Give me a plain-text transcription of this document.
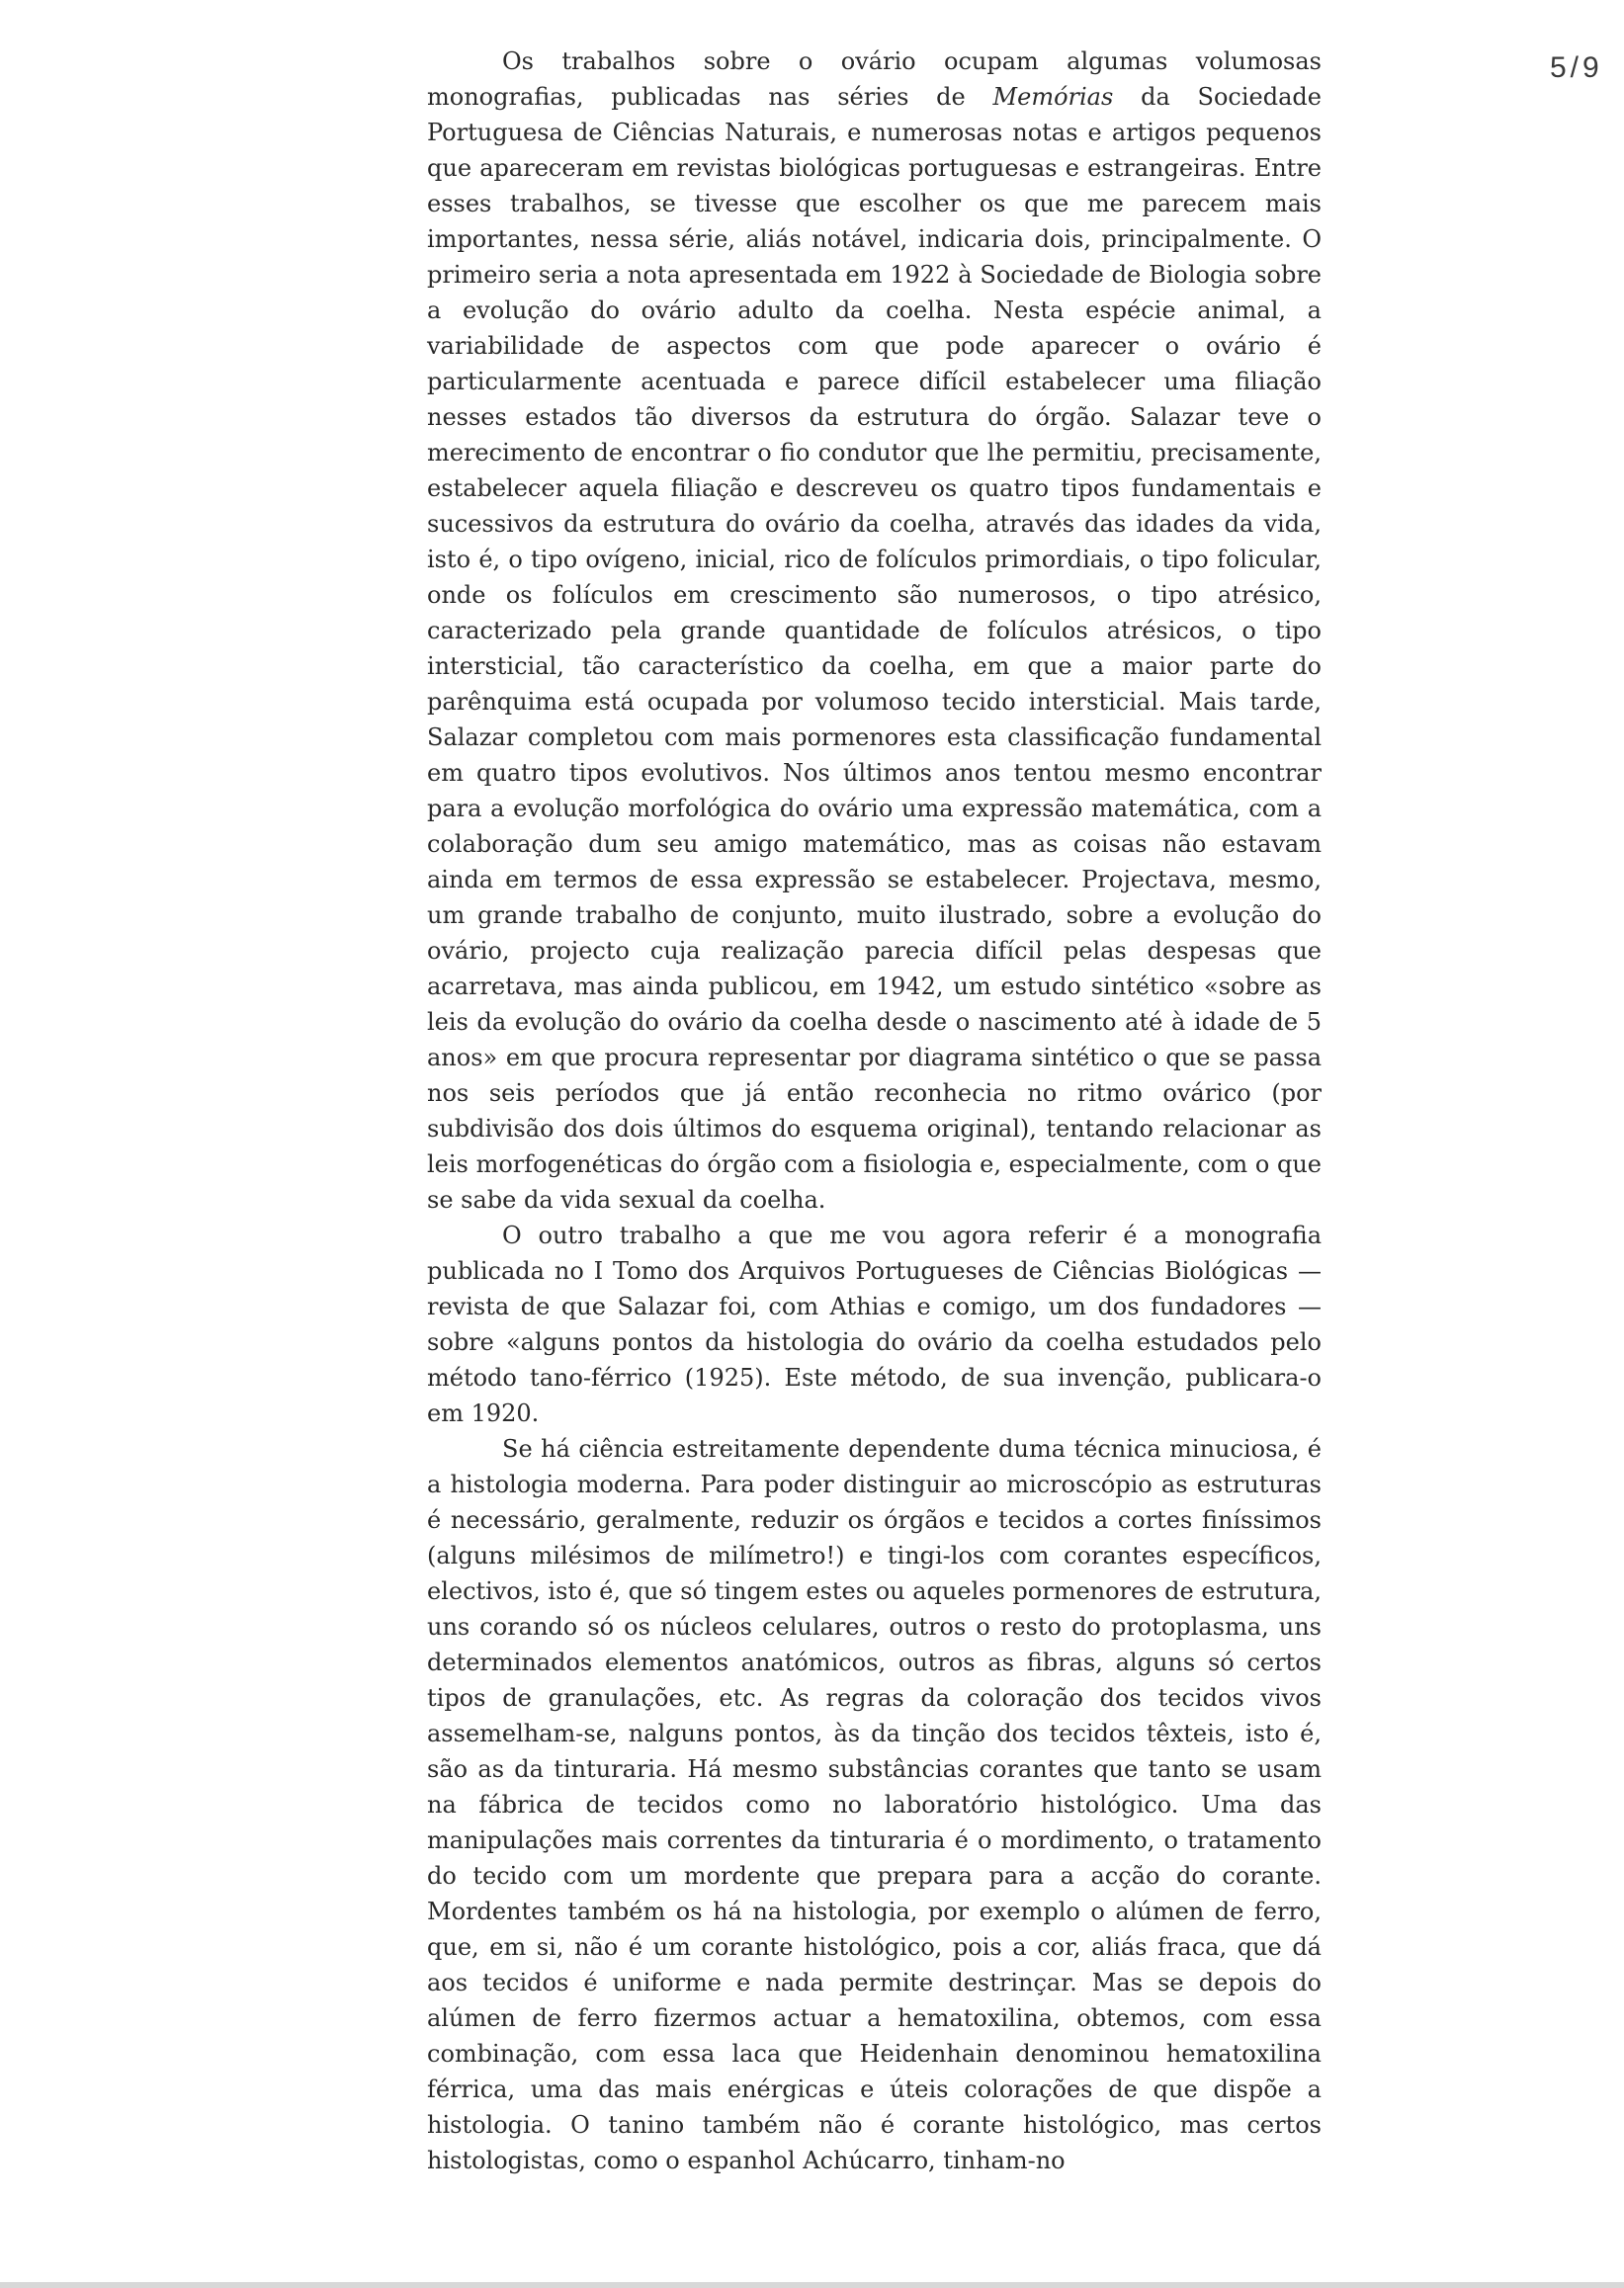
5/9

Os trabalhos sobre o ovário ocupam algumas volumosas monografias, publicadas nas séries de Memórias da Sociedade Portuguesa de Ciências Naturais, e numerosas notas e artigos pequenos que apareceram em revistas biológicas portuguesas e estrangeiras. Entre esses trabalhos, se tivesse que escolher os que me parecem mais importantes, nessa série, aliás notável, indicaria dois, principalmente. O primeiro seria a nota apresentada em 1922 à Sociedade de Biologia sobre a evolução do ovário adulto da coelha. Nesta espécie animal, a variabilidade de aspectos com que pode aparecer o ovário é particularmente acentuada e parece difícil estabelecer uma filiação nesses estados tão diversos da estrutura do órgão. Salazar teve o merecimento de encontrar o fio condutor que lhe permitiu, precisamente, estabelecer aquela filiação e descreveu os quatro tipos fundamentais e sucessivos da estrutura do ovário da coelha, através das idades da vida, isto é, o tipo ovígeno, inicial, rico de folículos primordiais, o tipo folicular, onde os folículos em crescimento são numerosos, o tipo atrésico, caracterizado pela grande quantidade de folículos atrésicos, o tipo intersticial, tão característico da coelha, em que a maior parte do parênquima está ocupada por volumoso tecido intersticial. Mais tarde, Salazar completou com mais pormenores esta classificação fundamental em quatro tipos evolutivos. Nos últimos anos tentou mesmo encontrar para a evolução morfológica do ovário uma expressão matemática, com a colaboração dum seu amigo matemático, mas as coisas não estavam ainda em termos de essa expressão se estabelecer. Projectava, mesmo, um grande trabalho de conjunto, muito ilustrado, sobre a evolução do ovário, projecto cuja realização parecia difícil pelas despesas que acarretava, mas ainda publicou, em 1942, um estudo sintético «sobre as leis da evolução do ovário da coelha desde o nascimento até à idade de 5 anos» em que procura representar por diagrama sintético o que se passa nos seis períodos que já então reconhecia no ritmo ovárico (por subdivisão dos dois últimos do esquema original), tentando relacionar as leis morfogenéticas do órgão com a fisiologia e, especialmente, com o que se sabe da vida sexual da coelha.

O outro trabalho a que me vou agora referir é a monografia publicada no I Tomo dos Arquivos Portugueses de Ciências Biológicas — revista de que Salazar foi, com Athias e comigo, um dos fundadores — sobre «alguns pontos da histologia do ovário da coelha estudados pelo método tano-férrico (1925). Este método, de sua invenção, publicara-o em 1920.

Se há ciência estreitamente dependente duma técnica minuciosa, é a histologia moderna. Para poder distinguir ao microscópio as estruturas é necessário, geralmente, reduzir os órgãos e tecidos a cortes finíssimos (alguns milésimos de milímetro!) e tingi-los com corantes específicos, electivos, isto é, que só tingem estes ou aqueles pormenores de estrutura, uns corando só os núcleos celulares, outros o resto do protoplasma, uns determinados elementos anatómicos, outros as fibras, alguns só certos tipos de granulações, etc. As regras da coloração dos tecidos vivos assemelham-se, nalguns pontos, às da tinção dos tecidos têxteis, isto é, são as da tinturaria. Há mesmo substâncias corantes que tanto se usam na fábrica de tecidos como no laboratório histológico. Uma das manipulações mais correntes da tinturaria é o mordimento, o tratamento do tecido com um mordente que prepara para a acção do corante. Mordentes também os há na histologia, por exemplo o alúmen de ferro, que, em si, não é um corante histológico, pois a cor, aliás fraca, que dá aos tecidos é uniforme e nada permite destrinçar. Mas se depois do alúmen de ferro fizermos actuar a hematoxilina, obtemos, com essa combinação, com essa laca que Heidenhain denominou hematoxilina férrica, uma das mais enérgicas e úteis colorações de que dispõe a histologia. O tanino também não é corante histológico, mas certos histologistas, como o espanhol Achúcarro, tinham-no
